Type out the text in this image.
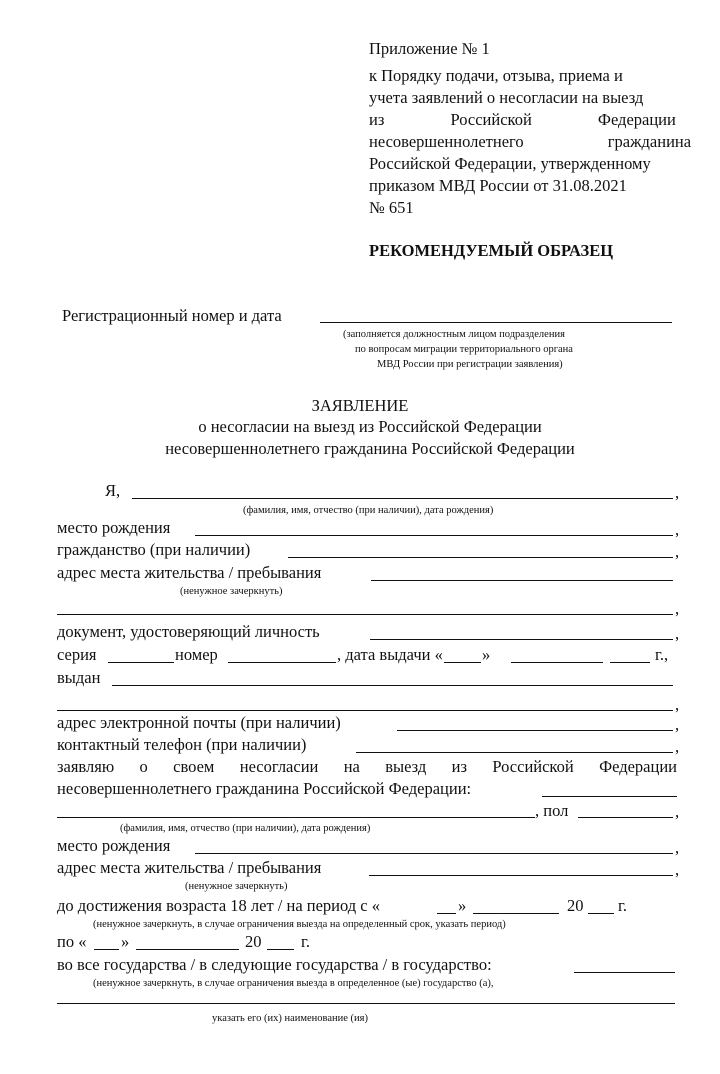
Приложение № 1
к Порядку подачи, отзыва, приема и
учета заявлений о несогласии на выезд
из Российской Федерации
несовершеннолетнего гражданина
Российской Федерации, утвержденному
приказом МВД России от 31.08.2021
№ 651
РЕКОМЕНДУЕМЫЙ ОБРАЗЕЦ
Регистрационный номер и дата
(заполняется должностным лицом подразделения
по вопросам миграции территориального органа
МВД России при регистрации заявления)
ЗАЯВЛЕНИЕ
о несогласии на выезд из Российской Федерации
несовершеннолетнего гражданина Российской Федерации
Я,	,
(фамилия, имя, отчество (при наличии), дата рождения)
место рождения	,
гражданство (при наличии)	,
адрес места жительства / пребывания
(ненужное зачеркнуть)
,
документ, удостоверяющий личность	,
серия	номер	, дата выдачи « »	г.,
выдан
,
адрес электронной почты (при наличии)	,
контактный телефон (при наличии)	,
заявляю о своем несогласии на выезд из Российской Федерации
несовершеннолетнего гражданина Российской Федерации:
, пол	,
(фамилия, имя, отчество (при наличии), дата рождения)
место рождения	,
адрес места жительства / пребывания	,
(ненужное зачеркнуть)
до достижения возраста 18 лет / на период с «	»	20 г.
(ненужное зачеркнуть, в случае ограничения выезда на определенный срок, указать период)
по « »	20 г.
во все государства / в следующие государства / в государство:
(ненужное зачеркнуть, в случае ограничения выезда в определенное (ые) государство (а),
указать его (их) наименование (ия)
